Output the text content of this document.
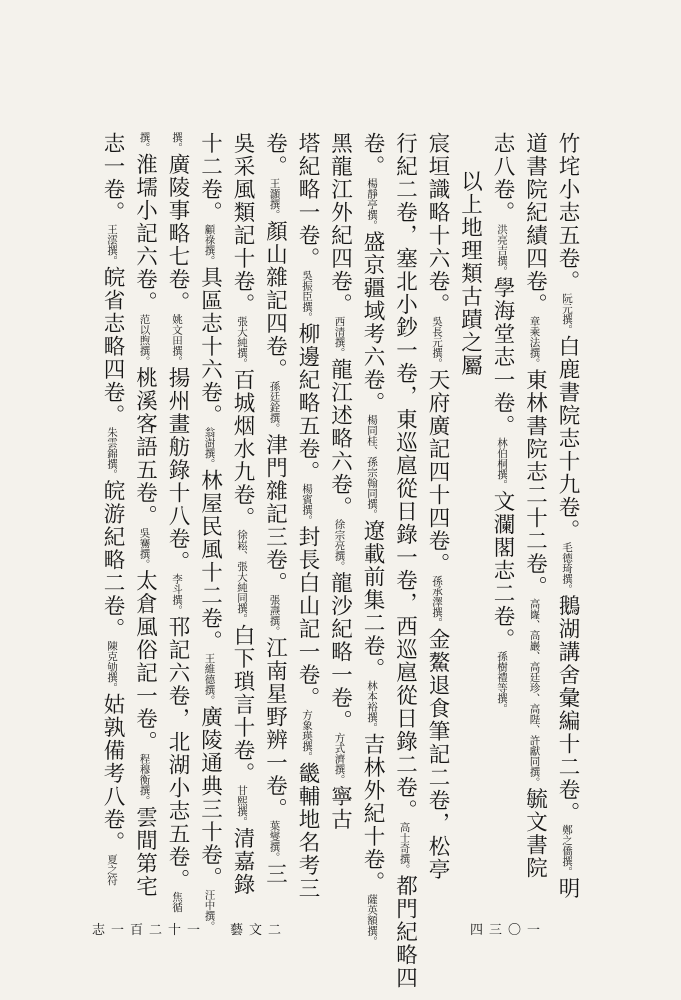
竹垞小志五卷。阮元撰。白鹿書院志十九卷。毛德琦撰。鵝湖講舍彙編十二卷。鄭之僑撰。明
道書院紀績四卷。章乘法撰。東林書院志二十二卷。高嶐、高巖、高廷珍、高陛、許獻同撰。毓文書院
志八卷。洪亮吉撰。學海堂志一卷。林伯桐撰。文瀾閣志二卷。孫樹禮等撰。
以上地理類古蹟之屬
宸垣識略十六卷。吳長元撰。天府廣記四十四卷。孫承澤撰。金鰲退食筆記二卷，松亭
行紀二卷，塞北小鈔一卷，東巡扈從日錄一卷，西巡扈從日錄二卷。高士奇撰。都門紀略四
卷。楊靜亭撰。盛京疆域考六卷。楊同桂、孫宗翰同撰。遼載前集二卷。林本裕撰。吉林外紀十卷。薩英額撰。
黑龍江外紀四卷。西清撰。龍江述略六卷。徐宗亮撰。龍沙紀略一卷。方式濟撰。寧古
塔紀略一卷。吳振臣撰。柳邊紀略五卷。楊賓撰。封長白山記一卷。方象瑛撰。畿輔地名考三
卷。王灝撰。顏山雜記四卷。孫廷銓撰。津門雜記三卷。張燾撰。江南星野辨一卷。葉燮撰。三
吳采風類記十卷。張大純撰。百城烟水九卷。徐崧、張大純同撰。白下瑣言十卷。甘熙撰。清嘉錄
十二卷。顧祿撰。具區志十六卷。翁澍撰。林屋民風十二卷。王維德撰。廣陵通典三十卷。汪中撰。
撰。廣陵事略七卷。姚文田撰。揚州畫舫錄十八卷。李斗撰。邗記六卷，北湖小志五卷。焦循
撰。淮壖小記六卷。范以煦撰。桃溪客語五卷。吳騫撰。太倉風俗記一卷。程穆衡撰。雲間第宅
志一卷。王澐撰。皖省志略四卷。朱雲錦撰。皖游紀略二卷。陳克劬撰。姑孰備考八卷。夏之符
志一百二十一 藝文二	四三〇一
